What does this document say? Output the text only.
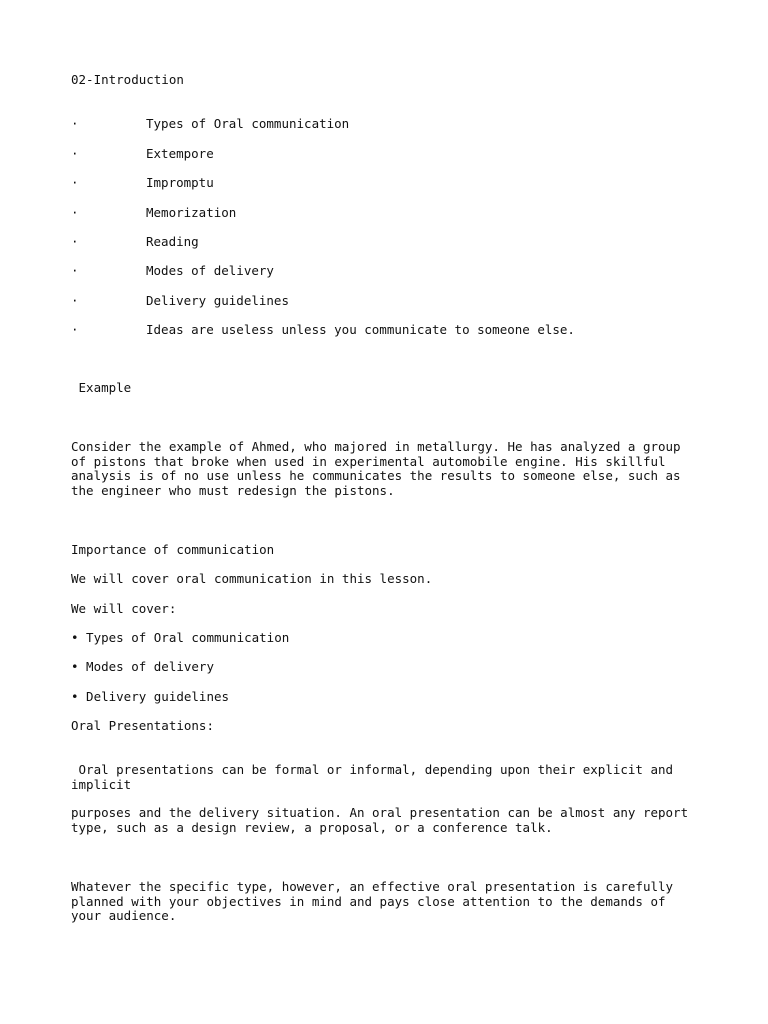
02-Introduction
·	Types of Oral communication
·	Extempore
·	Impromptu
·	Memorization
·	Reading
·	Modes of delivery
·	Delivery guidelines
·	Ideas are useless unless you communicate to someone else.
Example
Consider the example of Ahmed, who majored in metallurgy. He has analyzed a group of pistons that broke when used in experimental automobile engine. His skillful analysis is of no use unless he communicates the results to someone else, such as the engineer who must redesign the pistons.
Importance of communication
We will cover oral communication in this lesson.
We will cover:
• Types of Oral communication
• Modes of delivery
• Delivery guidelines
Oral Presentations:
Oral presentations can be formal or informal, depending upon their explicit and implicit
purposes and the delivery situation. An oral presentation can be almost any report type, such as a design review, a proposal, or a conference talk.
Whatever the specific type, however, an effective oral presentation is carefully planned with your objectives in mind and pays close attention to the demands of your audience.
